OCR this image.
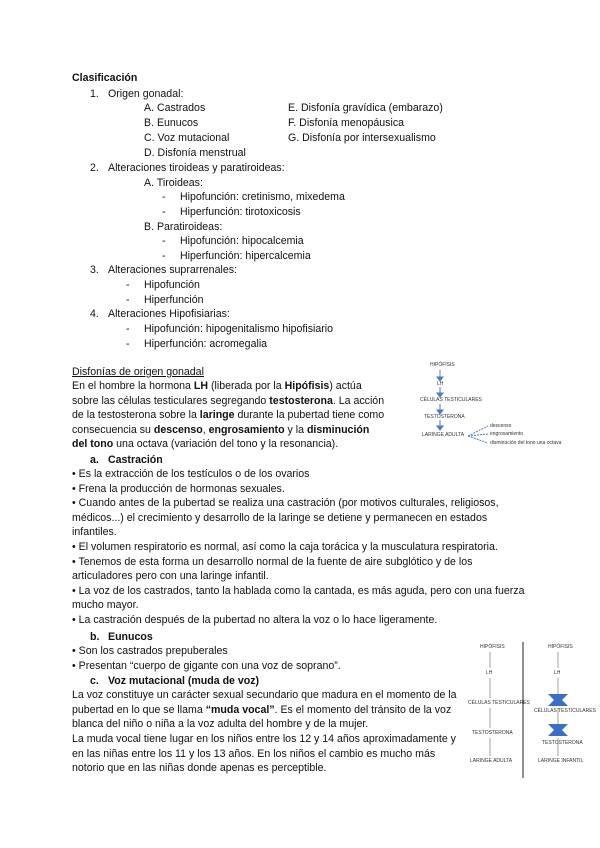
Clasificación
1. Origen gonadal:
A. Castrados
B. Eunucos
C. Voz mutacional
D. Disfonía menstrual
E. Disfonía gravídica (embarazo)
F. Disfonía menopáusica
G. Disfonía por intersexualismo
2. Alteraciones tiroideas y paratiroideas:
A. Tiroideas:
- Hipofunción: cretinismo, mixedema
- Hiperfunción: tirotoxicosis
B. Paratiroideas:
- Hipofunción: hipocalcemia
- Hiperfunción: hipercalcemia
3. Alteraciones suprarrenales:
- Hipofunción
- Hiperfunción
4. Alteraciones Hipofisiarias:
- Hipofunción: hipogenitalismo hipofisiario
- Hiperfunción: acromegalia
Disfonías de origen gonadal
En el hombre la hormona LH (liberada por la Hipófisis) actúa sobre las células testiculares segregando testosterona. La acción de la testosterona sobre la laringe durante la pubertad tiene como consecuencia su descenso, engrosamiento y la disminución del tono una octava (variación del tono y la resonancia).
HIPÓFISIS
LH
CÉLULAS TESTICULARES
TESTOSTERONA
LARINGE ADULTA
descenso
engrosamiento
disminución del tono una octava
a. Castración
• Es la extracción de los testículos o de los ovarios
• Frena la producción de hormonas sexuales.
• Cuando antes de la pubertad se realiza una castración (por motivos culturales, religiosos, médicos...) el crecimiento y desarrollo de la laringe se detiene y permanecen en estados infantiles.
• El volumen respiratorio es normal, así como la caja torácica y la musculatura respiratoria.
• Tenemos de esta forma un desarrollo normal de la fuente de aire subglótico y de los articuladores pero con una laringe infantil.
• La voz de los castrados, tanto la hablada como la cantada, es más aguda, pero con una fuerza mucho mayor.
• La castración después de la pubertad no altera la voz o lo hace ligeramente.
b. Eunucos
• Son los castrados prepuberales
• Presentan “cuerpo de gigante con una voz de soprano”.
c. Voz mutacional (muda de voz)
La voz constituye un carácter sexual secundario que madura en el momento de la pubertad en lo que se llama “muda vocal”. Es el momento del tránsito de la voz blanca del niño o niña a la voz adulta del hombre y de la mujer.
La muda vocal tiene lugar en los niños entre los 12 y 14 años aproximadamente y en las niñas entre los 11 y los 13 años. En los niños el cambio es mucho más notorio que en las niñas donde apenas es perceptible.
HIPÓFISIS
LH
CÉLULAS TESTICULARES
TESTOSTERONA
LARINGE ADULTA
HIPÓFISIS
LH
CÉLULAS TESTICULARES
TESTOSTERONA
LARINGE INFANTIL
